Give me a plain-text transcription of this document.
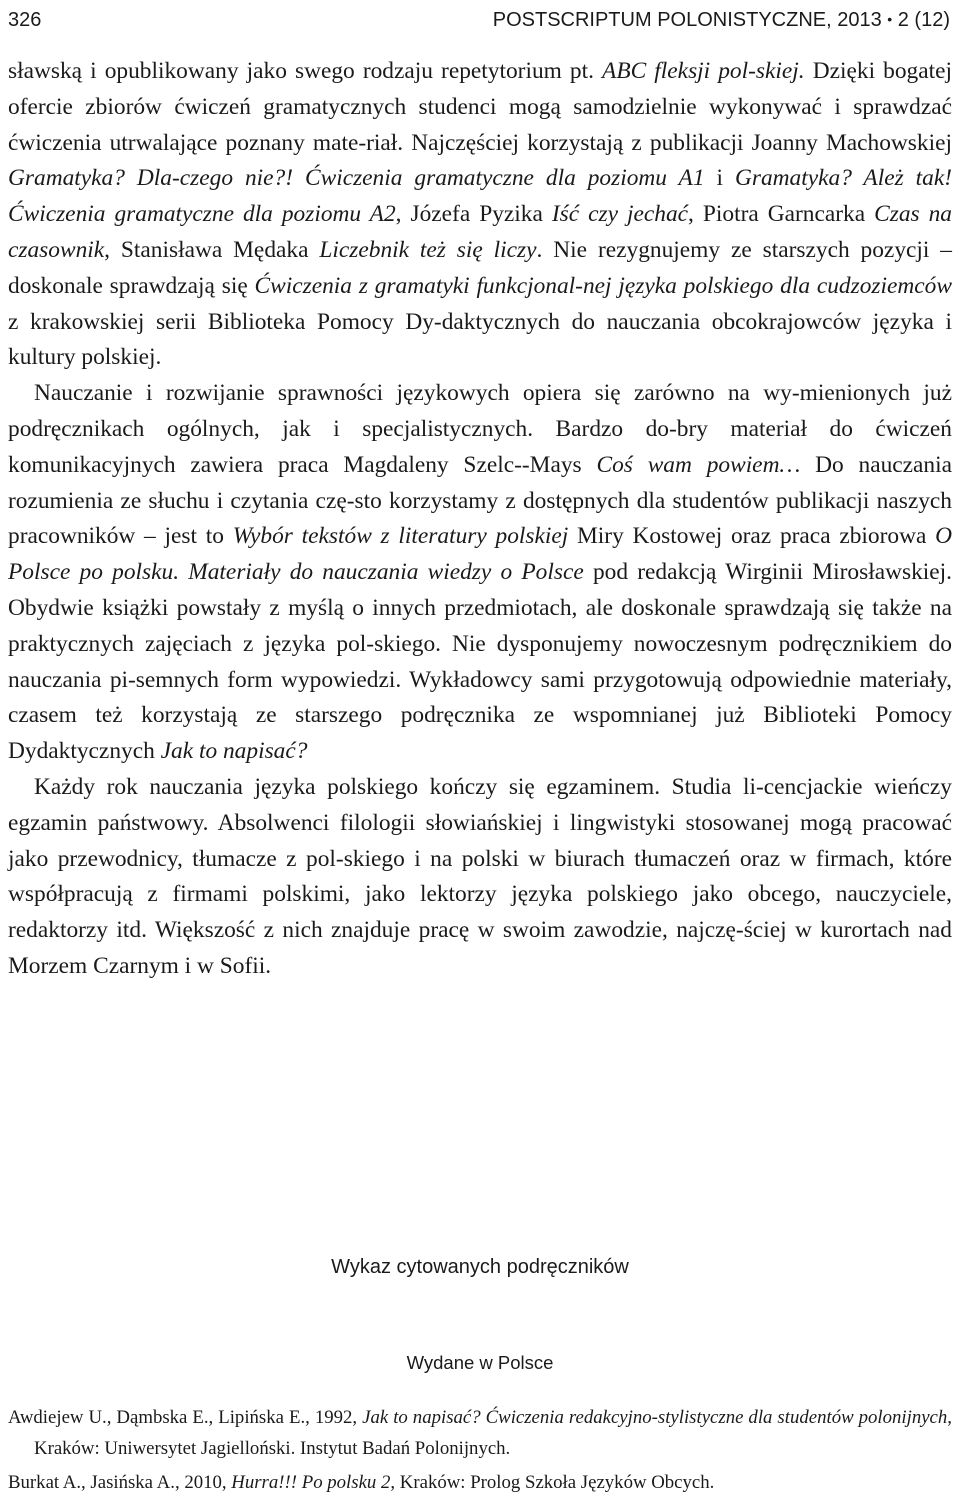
326	POSTSCRIPTUM POLONISTYCZNE, 2013 • 2 (12)

sławską i opublikowany jako swego rodzaju repetytorium pt. ABC fleksji pol-skiej. Dzięki bogatej ofercie zbiorów ćwiczeń gramatycznych studenci mogą samodzielnie wykonywać i sprawdzać ćwiczenia utrwalające poznany mate-riał. Najczęściej korzystają z publikacji Joanny Machowskiej Gramatyka? Dla-czego nie?! Ćwiczenia gramatyczne dla poziomu A1 i Gramatyka? Ależ tak! Ćwiczenia gramatyczne dla poziomu A2, Józefa Pyzika Iść czy jechać, Piotra Garncarka Czas na czasownik, Stanisława Mędaka Liczebnik też się liczy. Nie rezygnujemy ze starszych pozycji – doskonale sprawdzają się Ćwiczenia z gramatyki funkcjonal-nej języka polskiego dla cudzoziemców z krakowskiej serii Biblioteka Pomocy Dy-daktycznych do nauczania obcokrajowców języka i kultury polskiej.

Nauczanie i rozwijanie sprawności językowych opiera się zarówno na wy-mienionych już podręcznikach ogólnych, jak i specjalistycznych. Bardzo do-bry materiał do ćwiczeń komunikacyjnych zawiera praca Magdaleny Szelc--Mays Coś wam powiem… Do nauczania rozumienia ze słuchu i czytania czę-sto korzystamy z dostępnych dla studentów publikacji naszych pracowników – jest to Wybór tekstów z literatury polskiej Miry Kostowej oraz praca zbiorowa O Polsce po polsku. Materiały do nauczania wiedzy o Polsce pod redakcją Wirginii Mirosławskiej. Obydwie książki powstały z myślą o innych przedmiotach, ale doskonale sprawdzają się także na praktycznych zajęciach z języka pol-skiego. Nie dysponujemy nowoczesnym podręcznikiem do nauczania pi-semnych form wypowiedzi. Wykładowcy sami przygotowują odpowiednie materiały, czasem też korzystają ze starszego podręcznika ze wspomnianej już Biblioteki Pomocy Dydaktycznych Jak to napisać?

Każdy rok nauczania języka polskiego kończy się egzaminem. Studia li-cencjackie wieńczy egzamin państwowy. Absolwenci filologii słowiańskiej i lingwistyki stosowanej mogą pracować jako przewodnicy, tłumacze z pol-skiego i na polski w biurach tłumaczeń oraz w firmach, które współpracują z firmami polskimi, jako lektorzy języka polskiego jako obcego, nauczyciele, redaktorzy itd. Większość z nich znajduje pracę w swoim zawodzie, najczę-ściej w kurortach nad Morzem Czarnym i w Sofii.

Wykaz cytowanych podręczników
Wydane w Polsce

Awdiejew U., Dąmbska E., Lipińska E., 1992, Jak to napisać? Ćwiczenia redakcyjno-stylistyczne dla studentów polonijnych, Kraków: Uniwersytet Jagielloński. Instytut Badań Polonijnych.

Burkat A., Jasińska A., 2010, Hurra!!! Po polsku 2, Kraków: Prolog Szkoła Języków Obcych.
